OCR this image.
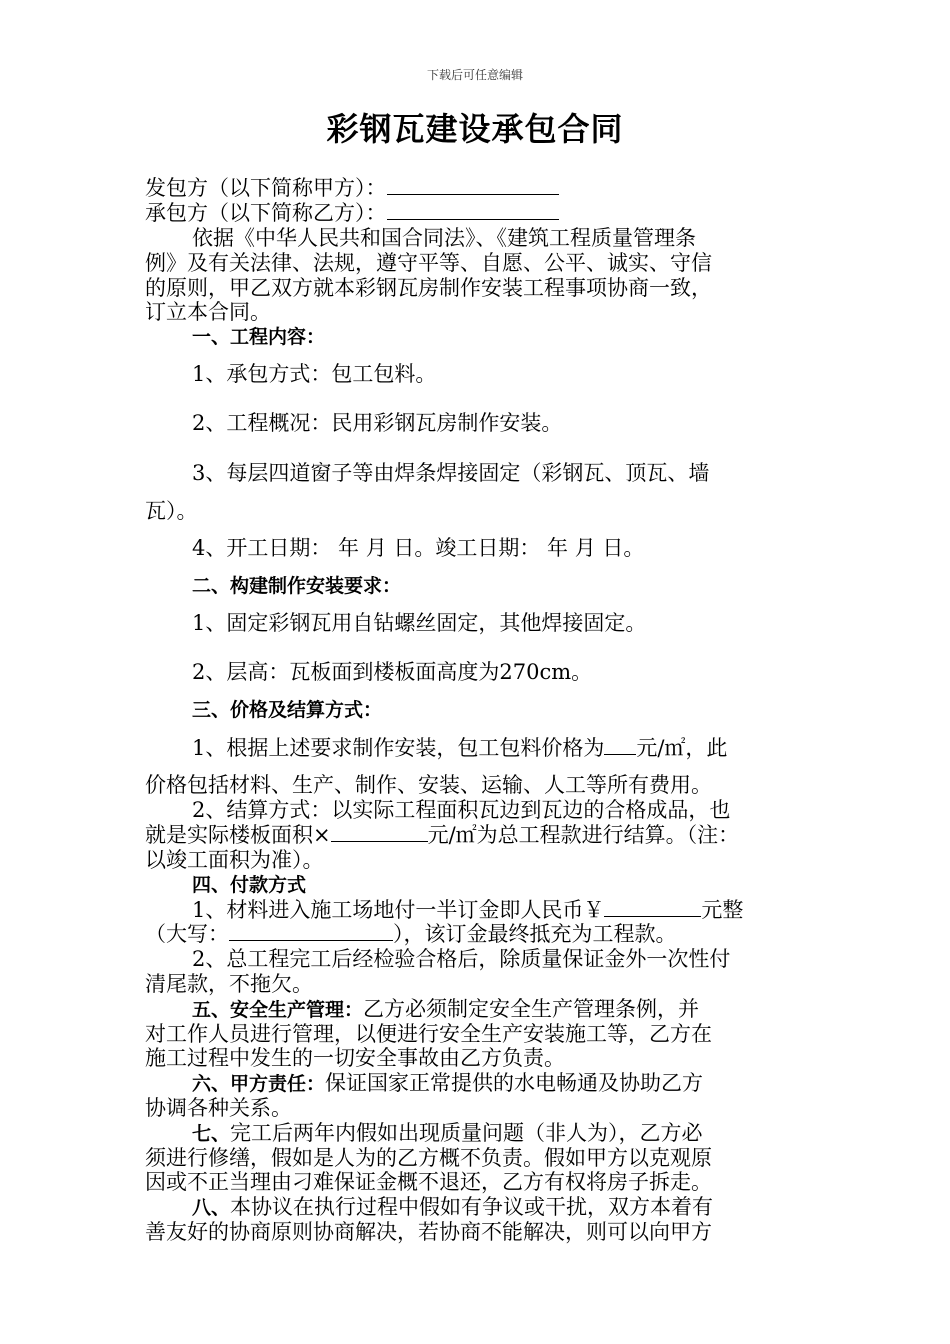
下载后可任意编辑
彩钢瓦建设承包合同
发包方（以下简称甲方）：
承包方（以下简称乙方）：
依据《中华人民共和国合同法》、《建筑工程质量管理条
例》及有关法律、法规，遵守平等、自愿、公平、诚实、守信
的原则，甲乙双方就本彩钢瓦房制作安装工程事项协商一致，
订立本合同。
一、工程内容：
1、承包方式：包工包料。
2、工程概况：民用彩钢瓦房制作安装。
3、每层四道窗子等由焊条焊接固定（彩钢瓦、顶瓦、墙
瓦）。
4、开工日期： 年 月 日。竣工日期： 年 月 日。
二、构建制作安装要求：
1、固定彩钢瓦用自钻螺丝固定，其他焊接固定。
2、层高：瓦板面到楼板面高度为270cm。
三、价格及结算方式：
1、根据上述要求制作安装，包工包料价格为 元/㎡，此
价格包括材料、生产、制作、安装、运输、人工等所有费用。
2、结算方式：以实际工程面积瓦边到瓦边的合格成品，也
就是实际楼板面积×	元/㎡为总工程款进行结算。（注：
以竣工面积为准）。
四、付款方式
1、材料进入施工场地付一半订金即人民币￥	元整
（大写：	），该订金最终抵充为工程款。
2、总工程完工后经检验合格后，除质量保证金外一次性付
清尾款，不拖欠。
五、安全生产管理：乙方必须制定安全生产管理条例，并
对工作人员进行管理，以便进行安全生产安装施工等，乙方在
施工过程中发生的一切安全事故由乙方负责。
六、甲方责任：保证国家正常提供的水电畅通及协助乙方
协调各种关系。
七、完工后两年内假如出现质量问题（非人为），乙方必
须进行修缮，假如是人为的乙方概不负责。假如甲方以克观原
因或不正当理由刁难保证金概不退还，乙方有权将房子拆走。
八、本协议在执行过程中假如有争议或干扰，双方本着有
善友好的协商原则协商解决，若协商不能解决，则可以向甲方
